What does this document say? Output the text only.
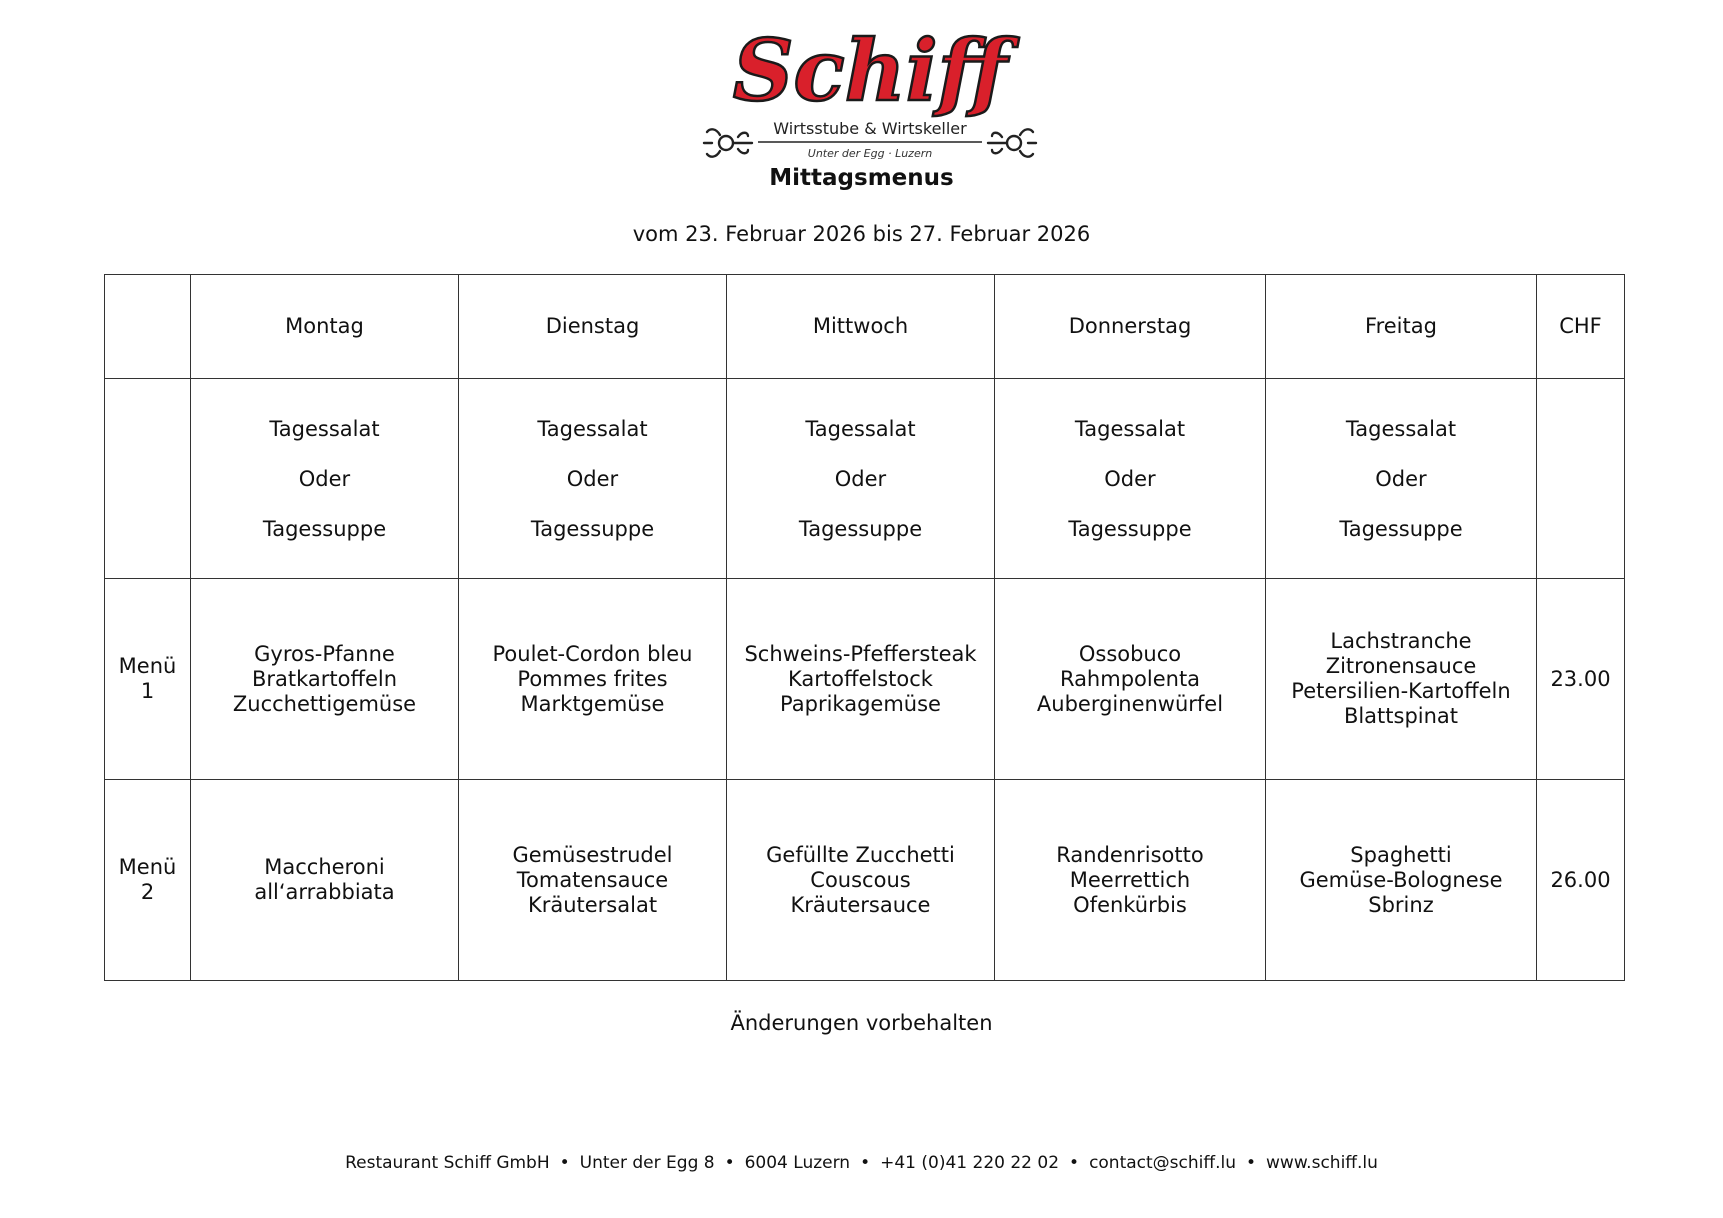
Schiff
Wirtsstube & Wirtskeller
Unter der Egg · Luzern
Mittagsmenus
vom 23. Februar 2026 bis 27. Februar 2026
	Montag	Dienstag	Mittwoch	Donnerstag	Freitag	CHF

	Tagessalat
Oder
Tagessuppe	Tagessalat
Oder
Tagessuppe	Tagessalat
Oder
Tagessuppe	Tagessalat
Oder
Tagessuppe	Tagessalat
Oder
Tagessuppe	

Menü
1	Gyros-Pfanne
Bratkartoffeln
Zucchettigemüse	Poulet-Cordon bleu
Pommes frites
Marktgemüse	Schweins-Pfeffersteak
Kartoffelstock
Paprikagemüse	Ossobuco
Rahmpolenta
Auberginenwürfel	Lachstranche
Zitronensauce
Petersilien-Kartoffeln
Blattspinat	23.00

Menü
2	Maccheroni
all‘arrabbiata	Gemüsestrudel
Tomatensauce
Kräutersalat	Gefüllte Zucchetti
Couscous
Kräutersauce	Randenrisotto
Meerrettich
Ofenkürbis	Spaghetti
Gemüse-Bolognese
Sbrinz	26.00
Änderungen vorbehalten
Restaurant Schiff GmbH • Unter der Egg 8 • 6004 Luzern • +41 (0)41 220 22 02 • contact@schiff.lu • www.schiff.lu
